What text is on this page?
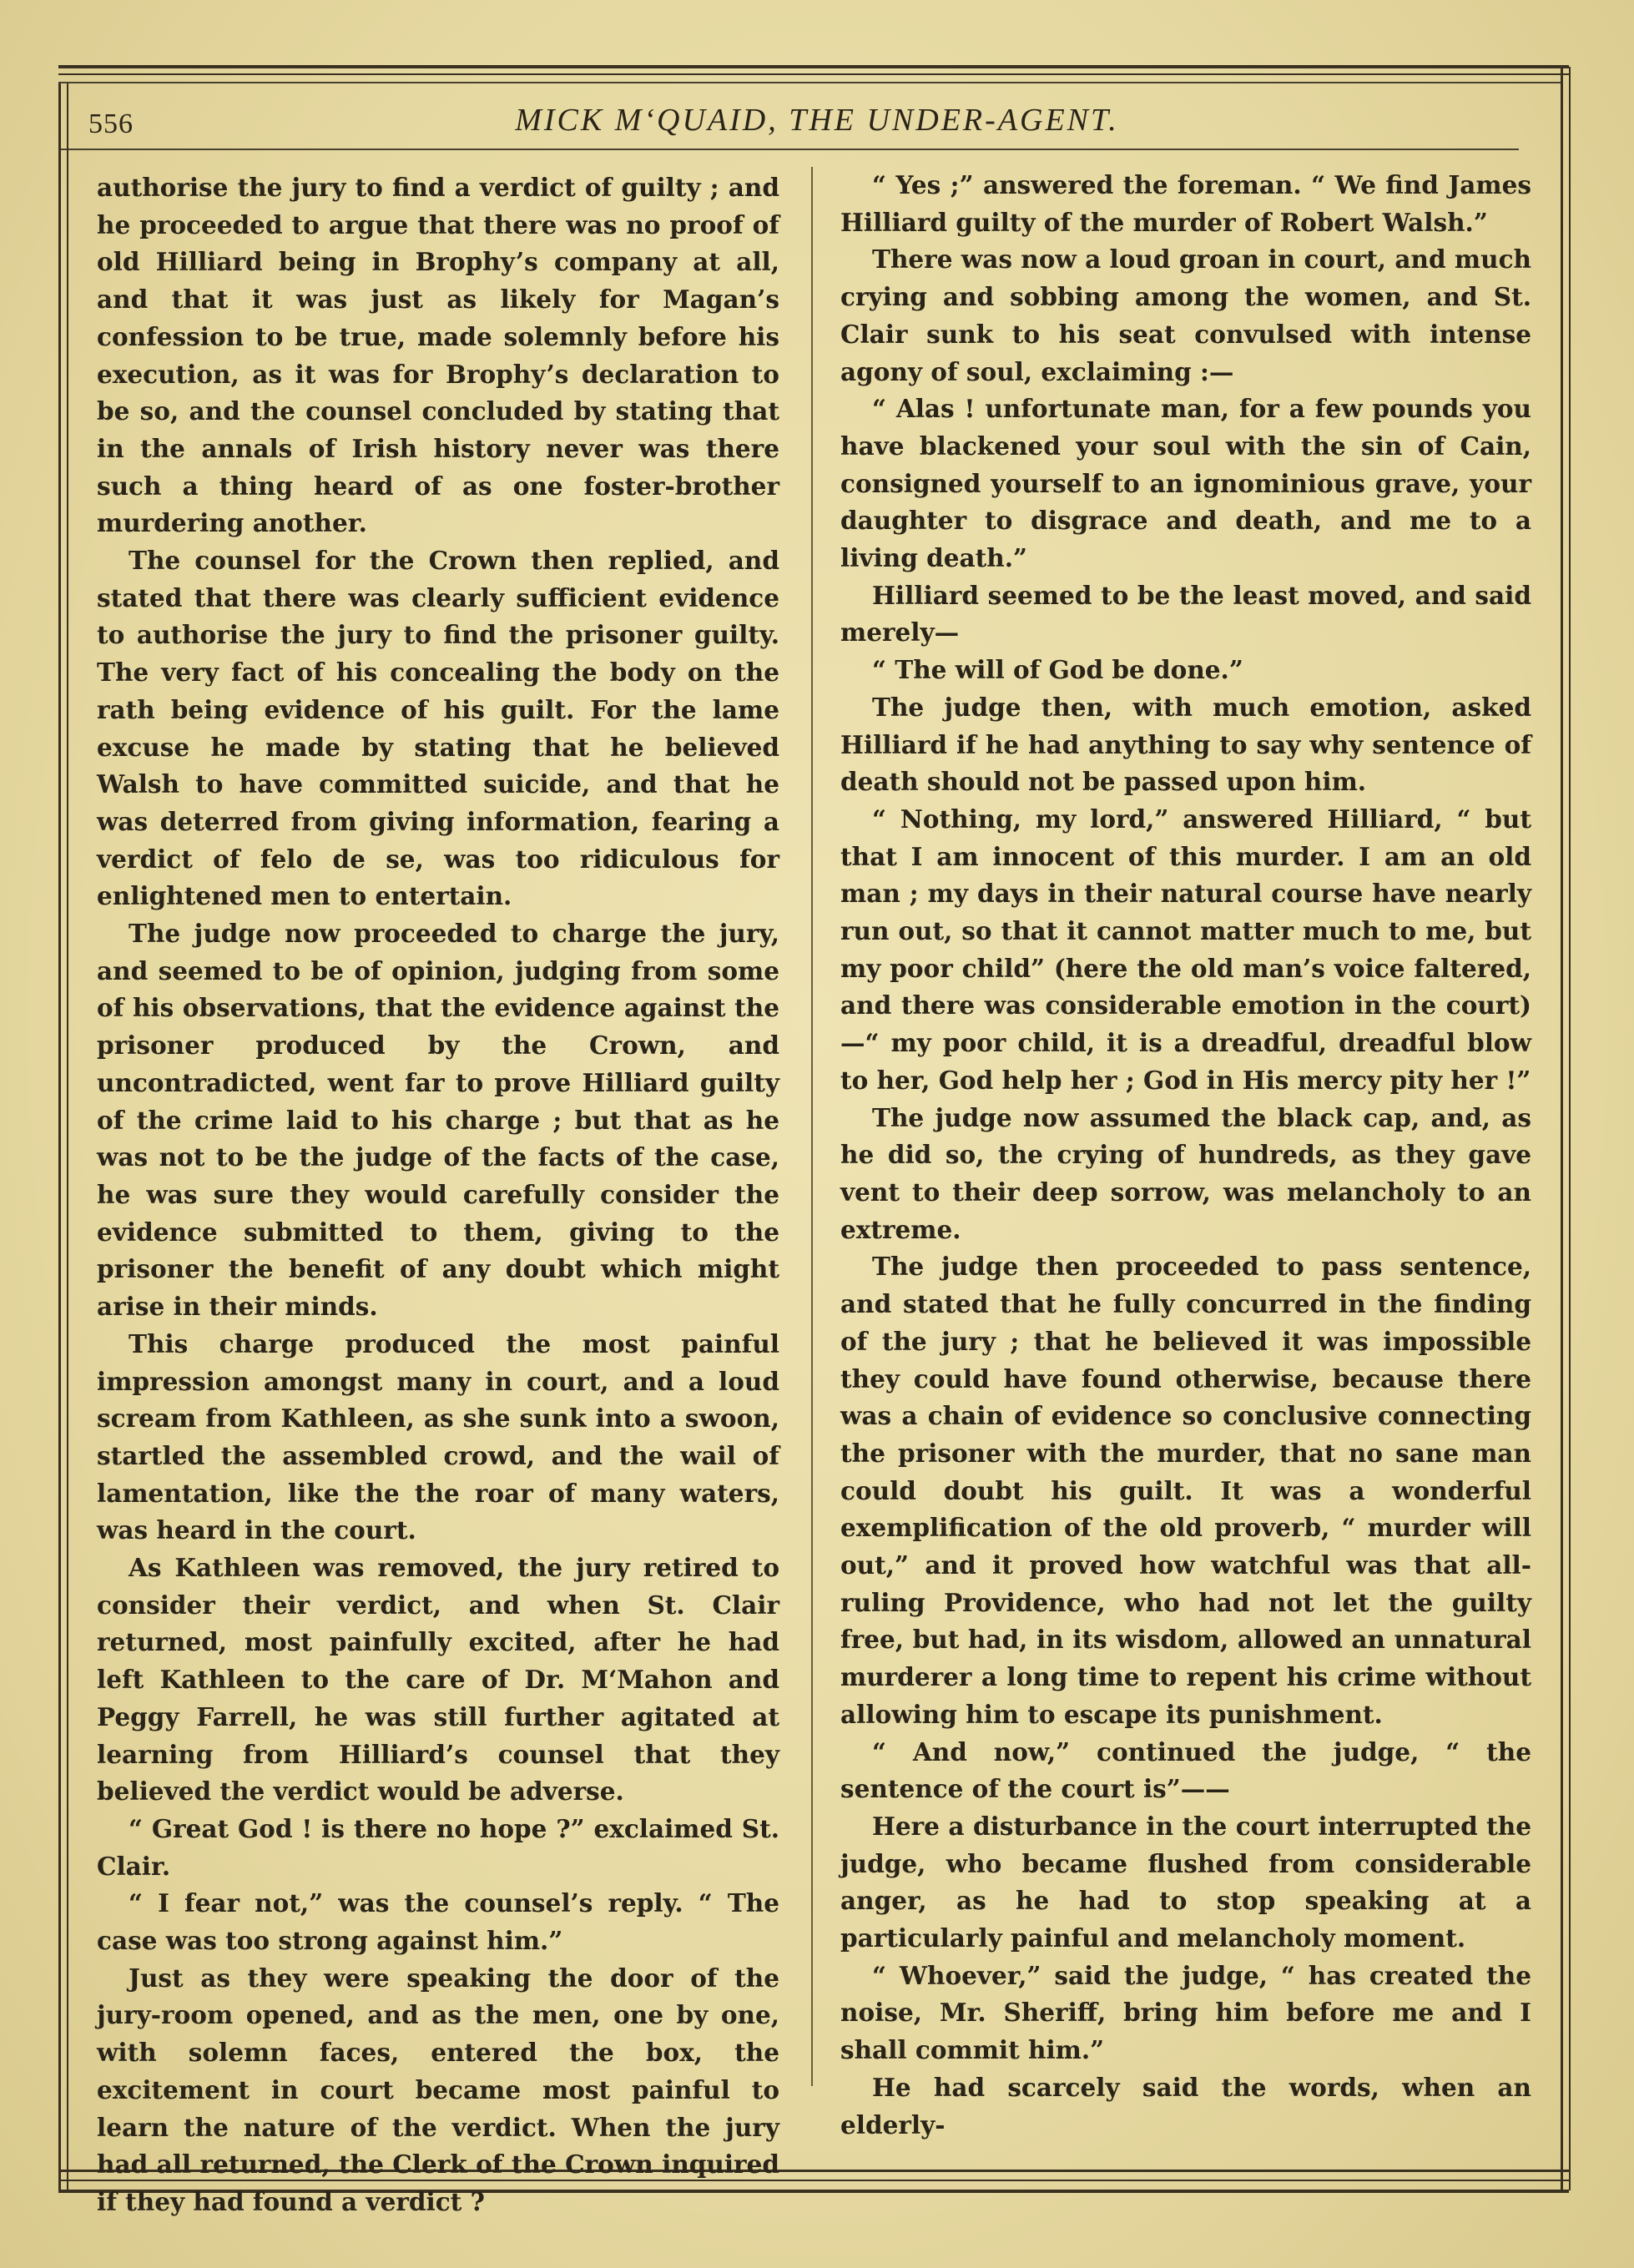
556	MICK M‘QUAID, THE UNDER-AGENT.

authorise the jury to find a verdict of guilty ; and he proceeded to argue that there was no proof of old Hilliard being in Brophy’s company at all, and that it was just as likely for Magan’s confession to be true, made solemnly before his execution, as it was for Brophy’s declaration to be so, and the counsel concluded by stating that in the annals of Irish history never was there such a thing heard of as one foster-brother murdering another.

The counsel for the Crown then replied, and stated that there was clearly sufficient evidence to authorise the jury to find the prisoner guilty. The very fact of his concealing the body on the rath being evidence of his guilt. For the lame excuse he made by stating that he believed Walsh to have committed suicide, and that he was deterred from giving information, fearing a verdict of felo de se, was too ridiculous for enlightened men to entertain.

The judge now proceeded to charge the jury, and seemed to be of opinion, judging from some of his observations, that the evidence against the prisoner produced by the Crown, and uncontradicted, went far to prove Hilliard guilty of the crime laid to his charge ; but that as he was not to be the judge of the facts of the case, he was sure they would carefully consider the evidence submitted to them, giving to the prisoner the benefit of any doubt which might arise in their minds.

This charge produced the most painful impression amongst many in court, and a loud scream from Kathleen, as she sunk into a swoon, startled the assembled crowd, and the wail of lamentation, like the the roar of many waters, was heard in the court.

As Kathleen was removed, the jury retired to consider their verdict, and when St. Clair returned, most painfully excited, after he had left Kathleen to the care of Dr. M‘Mahon and Peggy Farrell, he was still further agitated at learning from Hilliard’s counsel that they believed the verdict would be adverse.

“ Great God ! is there no hope ?” exclaimed St. Clair.

“ I fear not,” was the counsel’s reply. “ The case was too strong against him.”

Just as they were speaking the door of the jury-room opened, and as the men, one by one, with solemn faces, entered the box, the excitement in court became most painful to learn the nature of the verdict. When the jury had all returned, the Clerk of the Crown inquired if they had found a verdict ?

“ Yes ;” answered the foreman. “ We find James Hilliard guilty of the murder of Robert Walsh.”

There was now a loud groan in court, and much crying and sobbing among the women, and St. Clair sunk to his seat convulsed with intense agony of soul, exclaiming :—

“ Alas ! unfortunate man, for a few pounds you have blackened your soul with the sin of Cain, consigned yourself to an ignominious grave, your daughter to disgrace and death, and me to a living death.”

Hilliard seemed to be the least moved, and said merely—

“ The will of God be done.”

The judge then, with much emotion, asked Hilliard if he had anything to say why sentence of death should not be passed upon him.

“ Nothing, my lord,” answered Hilliard, “ but that I am innocent of this murder. I am an old man ; my days in their natural course have nearly run out, so that it cannot matter much to me, but my poor child” (here the old man’s voice faltered, and there was considerable emotion in the court)—“ my poor child, it is a dreadful, dreadful blow to her, God help her ; God in His mercy pity her !”

The judge now assumed the black cap, and, as he did so, the crying of hundreds, as they gave vent to their deep sorrow, was melancholy to an extreme.

The judge then proceeded to pass sentence, and stated that he fully concurred in the finding of the jury ; that he believed it was impossible they could have found otherwise, because there was a chain of evidence so conclusive connecting the prisoner with the murder, that no sane man could doubt his guilt. It was a wonderful exemplification of the old proverb, “ murder will out,” and it proved how watchful was that all-ruling Providence, who had not let the guilty free, but had, in its wisdom, allowed an unnatural murderer a long time to repent his crime without allowing him to escape its punishment.

“ And now,” continued the judge, “ the sentence of the court is”——

Here a disturbance in the court interrupted the judge, who became flushed from considerable anger, as he had to stop speaking at a particularly painful and melancholy moment.

“ Whoever,” said the judge, “ has created the noise, Mr. Sheriff, bring him before me and I shall commit him.”

He had scarcely said the words, when an elderly-
